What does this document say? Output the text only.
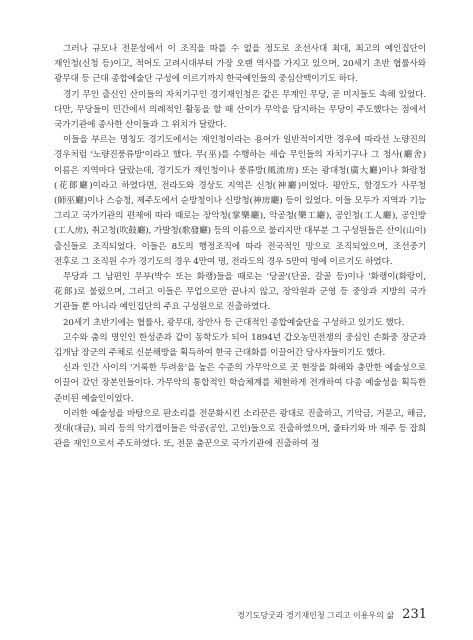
그러나 규모나 전문성에서 이 조직을 따를 수 없을 정도로 조선사대 최대, 최고의 예인집단이 재인청(신청 등)이고, 적어도 고려시대부터 가장 오랜 역사를 가지고 있으며, 20세기 초반 협률사와 광무대 등 근대 종합예술단 구성에 이르기까지 한국예인들의 중심산맥이기도 하다.

경기 무인 출신인 산이들의 자치기구인 경기재인청은 같은 무계인 무당, 곧 미지들도 속해 있었다. 다만, 무당들이 민간에서 의례적인 활동을 할 때 산이가 무악을 담지하는 무당이 주도했다는 점에서 국가기관에 종사한 산이들과 그 위치가 달랐다.

이들을 부르는 명칭도 경기도에서는 재인청이라는 용어가 일반적이지만 경우에 따라선 노량진의 경우처럼 '노량진풍류방'이라고 했다. 무(巫)를 수행하는 세습 무인들의 자치기구나 그 청사(廳舍) 이름은 지역마다 달랐는데, 경기도가 재인청이나 풍류방(風流房) 또는 광대청(廣大廳)이나 화랑청(花郞廳)이라고 하였다면, 전라도와 경상도 지역은 신청(神廳)이었다. 평안도, 함경도가 사무청(師巫廳)이나 스승청, 제주도에서 순방청이나 신방청(神房廳) 등이 있었다. 이들 모두가 지역과 기능 그리고 국가기관의 편제에 따라 때로는 장악청(掌樂廳), 악공청(樂工廳), 공인청(工人廳), 공인방(工人房), 취고청(吹鼓廳), 가발청(歌發廳) 등의 이름으로 불리지만 대부분 그 구성원들은 산이(山이) 출신들로 조직되었다. 이들은 8도의 행정조직에 따라 전국적인 망으로 조직되었으며, 조선중기 전후로 그 조직원 수가 경기도의 경우 4만여 명, 전라도의 경우 5만여 명에 이르기도 하였다.

무당과 그 남편인 무부(박수 또는 화랭)들을 때로는 '당골'(단골, 갈골 등)이나 '화랭이(화랑이, 花郞)로 불렀으며, 그러고 이들은 무업으로만 끝나지 않고, 장악원과 군영 등 중앙과 지방의 국가 기관들 뿐 아니라 예인집단의 주요 구성원으로 진출하였다.

20세기 초반기에는 협률사, 광무대, 장안사 등 근대적인 종합예술단을 구성하고 있기도 했다.

고수와 춤의 명인인 한성준과 같이 동학도가 되어 1894년 갑오농민전쟁의 중심인 손화중 장군과 김개남 장군의 주체로 신분해방을 획득하여 한국 근대화를 이끌어간 당사자들이기도 했다.

신과 인간 사이의 '거룩한 두려움'을 높은 수준의 가무악으로 곳 현장을 화해와 충만한 예술성으로 이끌어 갔던 장본인들이다. 가무악의 통합적인 학습체계를 체현하게 전개하여 다종 예술성을 획득한 준비된 예술인이었다.

이러한 예술성을 바탕으로 판소리를 전문화시킨 소리꾼은 광대로 진출하고, 기악금, 거문고, 해금, 젓대(대금), 피리 등의 악기잽이들은 악공(공인, 고인)들으로 진출하였으며, 줄타기와 바 재주 등 잡희 관을 재인으로서 주도하였다. 또, 전문 춤꾼으로 국가기관에 진출하여 정

경기도당굿과 경기재인청 그리고 이용우의 삶 231
